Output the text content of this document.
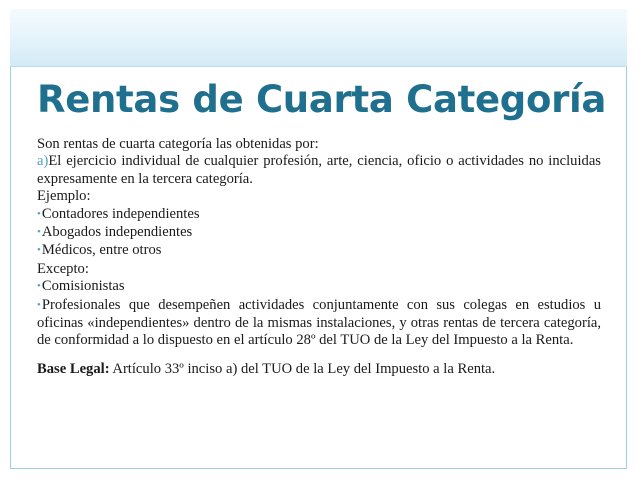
Rentas de Cuarta Categoría

Son rentas de cuarta categoría las obtenidas por:

a)El ejercicio individual de cualquier profesión, arte, ciencia, oficio o actividades no incluidas expresamente en la tercera categoría.

Ejemplo:

•Contadores independientes

•Abogados independientes

•Médicos, entre otros

Excepto:

•Comisionistas

•Profesionales que desempeñen actividades conjuntamente con sus colegas en estudios u oficinas «independientes» dentro de la mismas instalaciones, y otras rentas de tercera categoría, de conformidad a lo dispuesto en el artículo 28º del TUO de la Ley del Impuesto a la Renta.

Base Legal: Artículo 33º inciso a) del TUO de la Ley del Impuesto a la Renta.
